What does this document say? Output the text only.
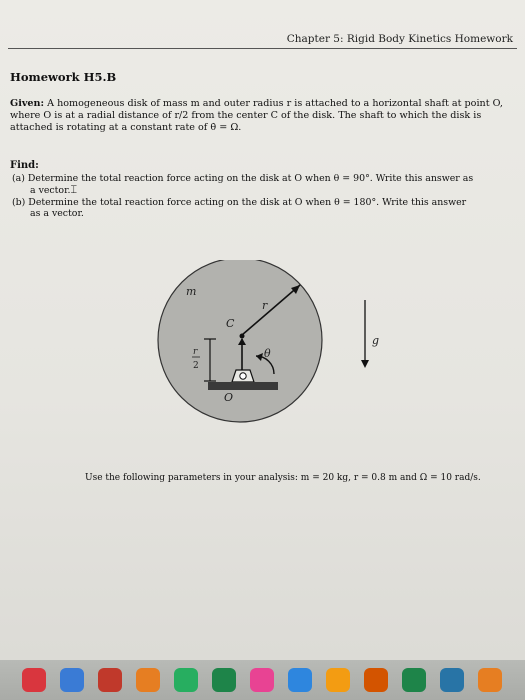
Chapter 5: Rigid Body Kinetics Homework
Homework H5.B
Given: A homogeneous disk of mass m and outer radius r is attached to a horizontal shaft at point O, where O is at a radial distance of r/2 from the center C of the disk. The shaft to which the disk is attached is rotating at a constant rate of θ̇ = Ω.
Find:
(a) Determine the total reaction force acting on the disk at O when θ = 90°. Write this answer as
a vector.⌶
(b) Determine the total reaction force acting on the disk at O when θ = 180°. Write this answer
as a vector.
m
r
C
θ
g
r
2
O
Use the following parameters in your analysis: m = 20 kg, r = 0.8 m and Ω = 10 rad/s.
